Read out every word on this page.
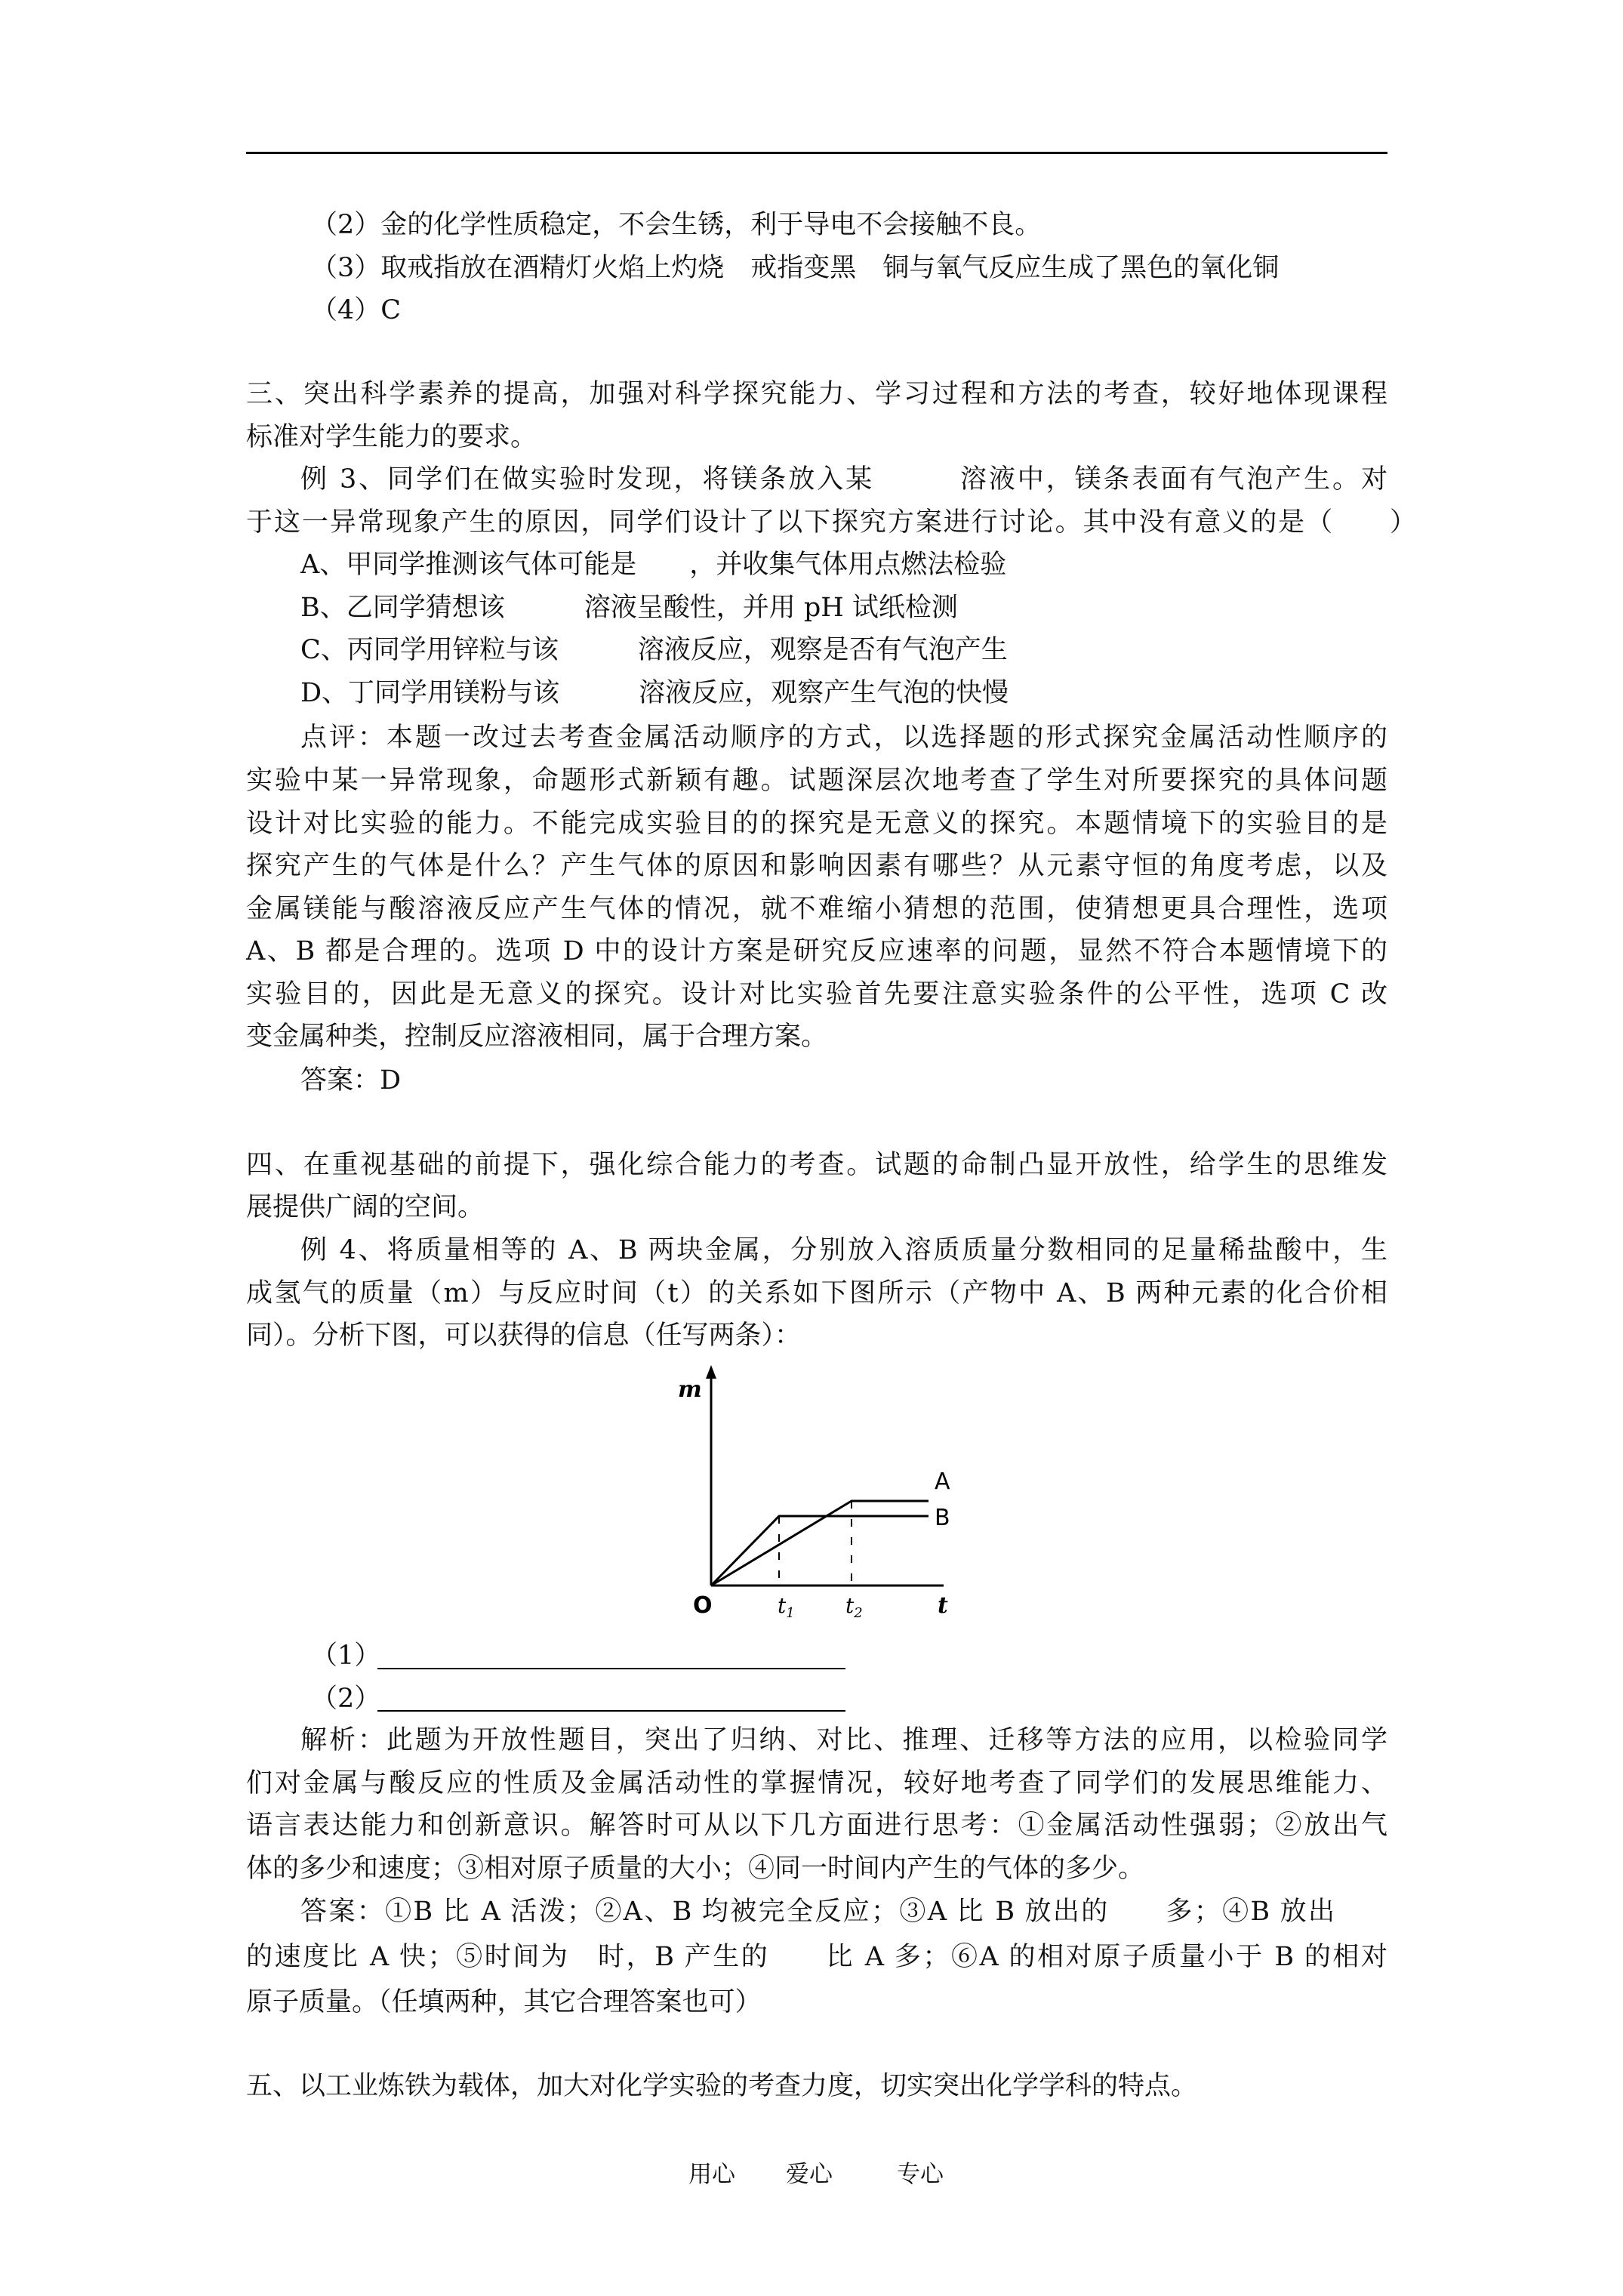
（2）金的化学性质稳定，不会生锈，利于导电不会接触不良。
（3）取戒指放在酒精灯火焰上灼烧　戒指变黑　铜与氧气反应生成了黑色的氧化铜
（4）C
三、突出科学素养的提高，加强对科学探究能力、学习过程和方法的考查，较好地体现课程
标准对学生能力的要求。
例 3、同学们在做实验时发现，将镁条放入某　　　溶液中，镁条表面有气泡产生。对
于这一异常现象产生的原因，同学们设计了以下探究方案进行讨论。其中没有意义的是（　　）
A、甲同学推测该气体可能是　　，并收集气体用点燃法检验
B、乙同学猜想该　　　溶液呈酸性，并用 pH 试纸检测
C、丙同学用锌粒与该　　　溶液反应，观察是否有气泡产生
D、丁同学用镁粉与该　　　溶液反应，观察产生气泡的快慢
点评：本题一改过去考查金属活动顺序的方式，以选择题的形式探究金属活动性顺序的
实验中某一异常现象，命题形式新颖有趣。试题深层次地考查了学生对所要探究的具体问题
设计对比实验的能力。不能完成实验目的的探究是无意义的探究。本题情境下的实验目的是
探究产生的气体是什么？产生气体的原因和影响因素有哪些？从元素守恒的角度考虑，以及
金属镁能与酸溶液反应产生气体的情况，就不难缩小猜想的范围，使猜想更具合理性，选项
A、B 都是合理的。选项 D 中的设计方案是研究反应速率的问题，显然不符合本题情境下的
实验目的，因此是无意义的探究。设计对比实验首先要注意实验条件的公平性，选项 C 改
变金属种类，控制反应溶液相同，属于合理方案。
答案：D
四、在重视基础的前提下，强化综合能力的考查。试题的命制凸显开放性，给学生的思维发
展提供广阔的空间。
例 4、将质量相等的 A、B 两块金属，分别放入溶质质量分数相同的足量稀盐酸中，生
成氢气的质量（m）与反应时间（t）的关系如下图所示（产物中 A、B 两种元素的化合价相
同）。分析下图，可以获得的信息（任写两条）：
m
O	t
$t_1$ $t_2$
A
B
（1）
（2）
解析：此题为开放性题目，突出了归纳、对比、推理、迁移等方法的应用，以检验同学
们对金属与酸反应的性质及金属活动性的掌握情况，较好地考查了同学们的发展思维能力、
语言表达能力和创新意识。解答时可从以下几方面进行思考：①金属活动性强弱；②放出气
体的多少和速度；③相对原子质量的大小；④同一时间内产生的气体的多少。
答案：①B 比 A 活泼；②A、B 均被完全反应；③A 比 B 放出的　　多；④B 放出
的速度比 A 快；⑤时间为　时，B 产生的　　比 A 多；⑥A 的相对原子质量小于 B 的相对
原子质量。（任填两种，其它合理答案也可）
五、以工业炼铁为载体，加大对化学实验的考查力度，切实突出化学学科的特点。
用心 爱心	专心
